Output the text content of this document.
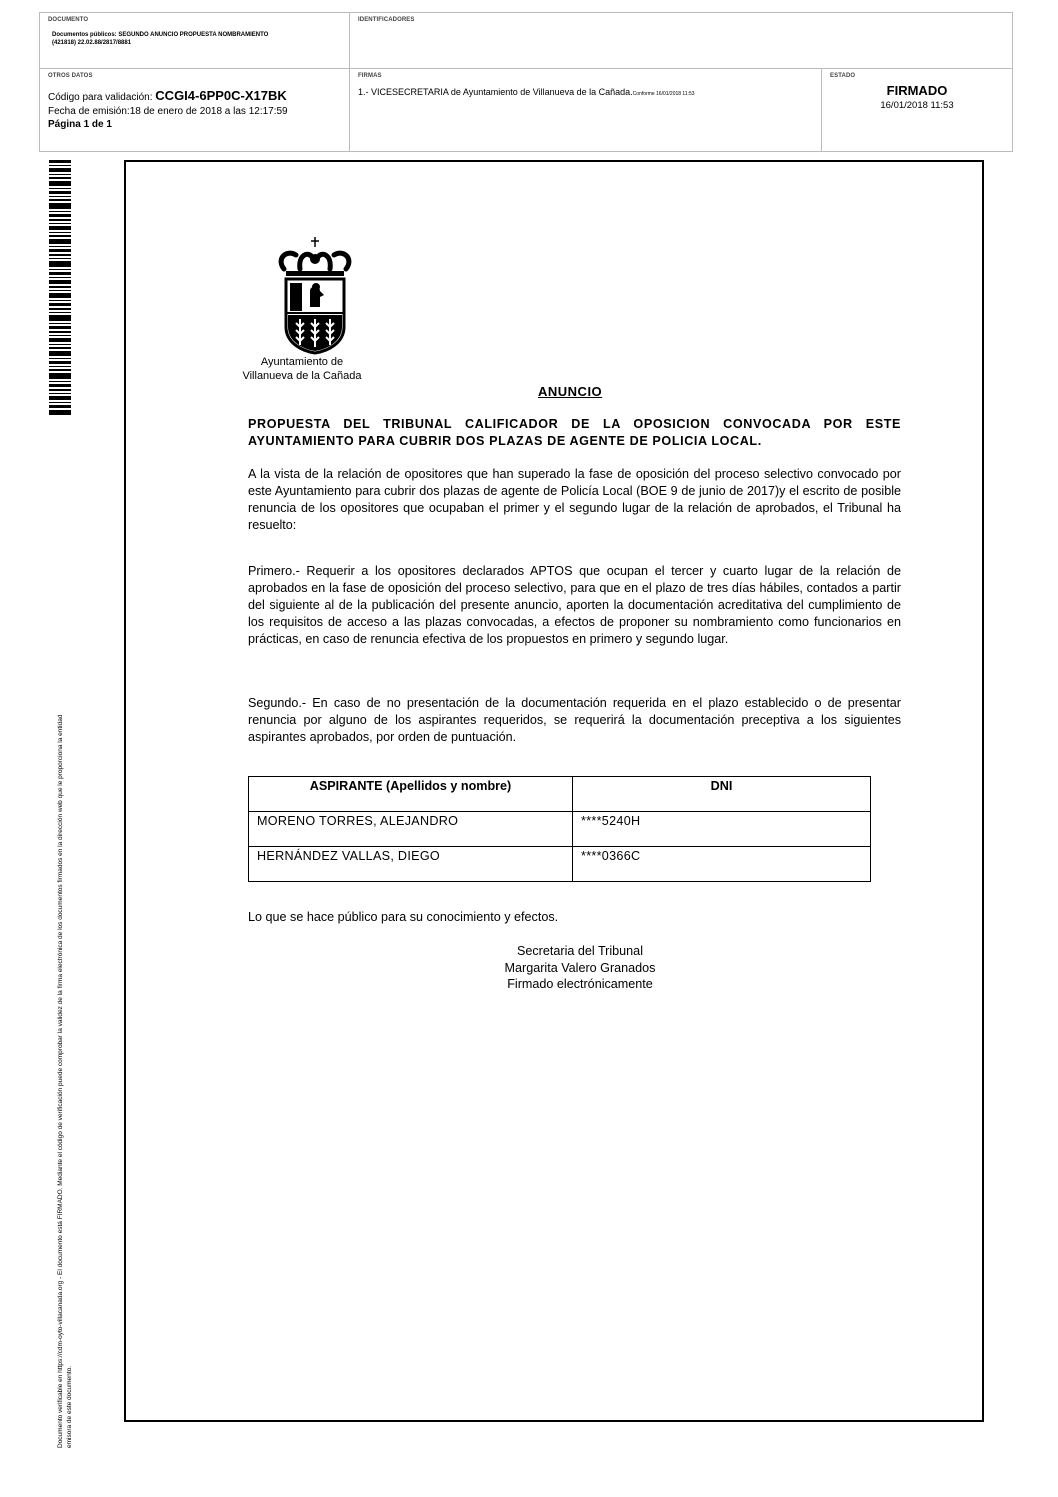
DOCUMENTO
Documentos públicos: SEGUNDO ANUNCIO PROPUESTA NOMBRAMIENTO
(421818) 22.02.88/2817/8881
IDENTIFICADORES
OTROS DATOS
Código para validación: CCGI4-6PP0C-X17BK
Fecha de emisión:18 de enero de 2018 a las 12:17:59
Página 1 de 1
FIRMAS
1.- VICESECRETARIA de Ayuntamiento de Villanueva de la Cañada.Conforme 16/01/2018 11:53
ESTADO
FIRMADO
16/01/2018 11:53
Documento verificable en https://cdm-oyto-villacanada.org - El documento está FIRMADO. Mediante el código de verificación puede comprobar la validez de la firma electrónica de los documentos firmados en la dirección web que le proporciona la entidad emisora de este documento.
Ayuntamiento de
Villanueva de la Cañada
ANUNCIO
PROPUESTA DEL TRIBUNAL CALIFICADOR DE LA OPOSICION CONVOCADA POR ESTE AYUNTAMIENTO PARA CUBRIR DOS PLAZAS DE AGENTE DE POLICIA LOCAL.
A la vista de la relación de opositores que han superado la fase de oposición del proceso selectivo convocado por este Ayuntamiento para cubrir dos plazas de agente de Policía Local (BOE 9 de junio de 2017)y el escrito de posible renuncia de los opositores que ocupaban el primer y el segundo lugar de la relación de aprobados, el Tribunal ha resuelto:
Primero.- Requerir a los opositores declarados APTOS que ocupan el tercer y cuarto lugar de la relación de aprobados en la fase de oposición del proceso selectivo, para que en el plazo de tres días hábiles, contados a partir del siguiente al de la publicación del presente anuncio, aporten la documentación acreditativa del cumplimiento de los requisitos de acceso a las plazas convocadas, a efectos de proponer su nombramiento como funcionarios en prácticas, en caso de renuncia efectiva de los propuestos en primero y segundo lugar.
Segundo.- En caso de no presentación de la documentación requerida en el plazo establecido o de presentar renuncia por alguno de los aspirantes requeridos, se requerirá la documentación preceptiva a los siguientes aspirantes aprobados, por orden de puntuación.
ASPIRANTE (Apellidos y nombre)	DNI
MORENO TORRES, ALEJANDRO	****5240H
HERNÁNDEZ VALLAS, DIEGO	****0366C
Lo que se hace público para su conocimiento y efectos.
Secretaria del Tribunal
Margarita Valero Granados
Firmado electrónicamente
